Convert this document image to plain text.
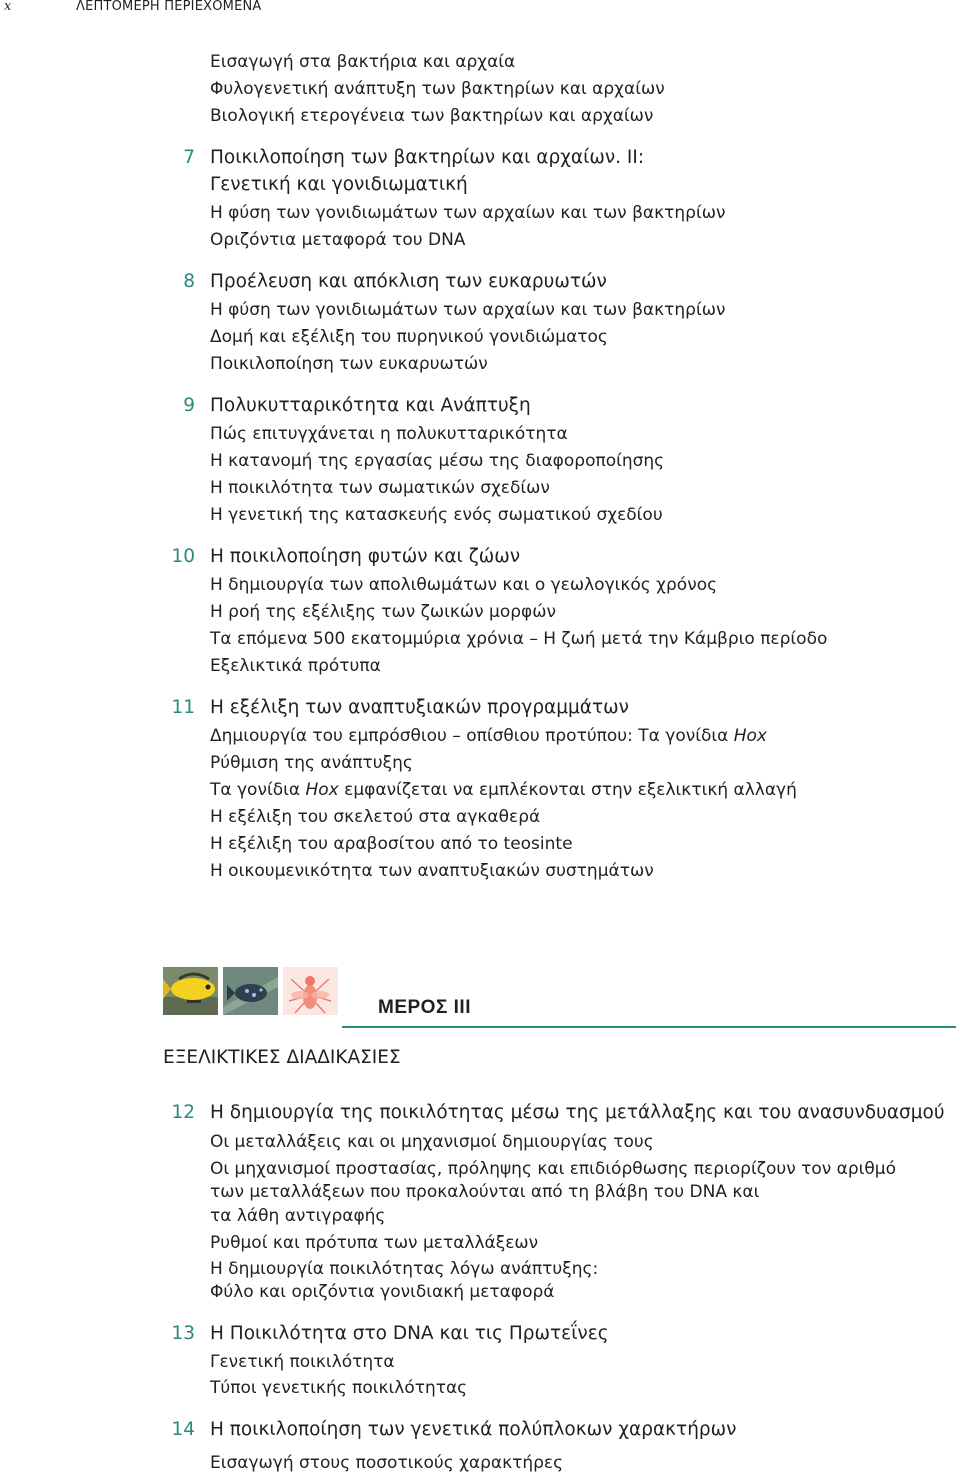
x	ΛΕΠΤΟΜΕΡΗ ΠΕΡΙΕΧΟΜΕΝΑ
Εισαγωγή στα βακτήρια και αρχαία
Φυλογενετική ανάπτυξη των βακτηρίων και αρχαίων
Βιολογική ετερογένεια των βακτηρίων και αρχαίων
7 Ποικιλοποίηση των βακτηρίων και αρχαίων. II:
Γενετική και γονιδιωματική
Η φύση των γονιδιωμάτων των αρχαίων και των βακτηρίων
Οριζόντια μεταφορά του DNA
8 Προέλευση και απόκλιση των ευκαρυωτών
Η φύση των γονιδιωμάτων των αρχαίων και των βακτηρίων
Δομή και εξέλιξη του πυρηνικού γονιδιώματος
Ποικιλοποίηση των ευκαρυωτών
9 Πολυκυτταρικότητα και Ανάπτυξη
Πώς επιτυγχάνεται η πολυκυτταρικότητα
Η κατανομή της εργασίας μέσω της διαφοροποίησης
Η ποικιλότητα των σωματικών σχεδίων
Η γενετική της κατασκευής ενός σωματικού σχεδίου
10 Η ποικιλοποίηση φυτών και ζώων
Η δημιουργία των απολιθωμάτων και ο γεωλογικός χρόνος
Η ροή της εξέλιξης των ζωικών μορφών
Τα επόμενα 500 εκατομμύρια χρόνια – Η ζωή μετά την Κάμβριο περίοδο
Εξελικτικά πρότυπα
11 Η εξέλιξη των αναπτυξιακών προγραμμάτων
Δημιουργία του εμπρόσθιου – οπίσθιου προτύπου: Τα γονίδια Hox
Ρύθμιση της ανάπτυξης
Τα γονίδια Hox εμφανίζεται να εμπλέκονται στην εξελικτική αλλαγή
Η εξέλιξη του σκελετού στα αγκαθερά
Η εξέλιξη του αραβοσίτου από το teosinte
Η οικουμενικότητα των αναπτυξιακών συστημάτων
ΜΕΡΟΣ III
ΕΞΕΛΙΚΤΙΚΕΣ ΔΙΑΔΙΚΑΣΙΕΣ
12 Η δημιουργία της ποικιλότητας μέσω της μετάλλαξης και του ανασυνδυασμού
Οι μεταλλάξεις και οι μηχανισμοί δημιουργίας τους
Οι μηχανισμοί προστασίας, πρόληψης και επιδιόρθωσης περιορίζουν τον αριθμό
των μεταλλάξεων που προκαλούνται από τη βλάβη του DNA και
τα λάθη αντιγραφής
Ρυθμοί και πρότυπα των μεταλλάξεων
Η δημιουργία ποικιλότητας λόγω ανάπτυξης:
Φύλο και οριζόντια γονιδιακή μεταφορά
13 Η Ποικιλότητα στο DNA και τις Πρωτεΐνες
Γενετική ποικιλότητα
Τύποι γενετικής ποικιλότητας
14 Η ποικιλοποίηση των γενετικά πολύπλοκων χαρακτήρων
Εισαγωγή στους ποσοτικούς χαρακτήρες
